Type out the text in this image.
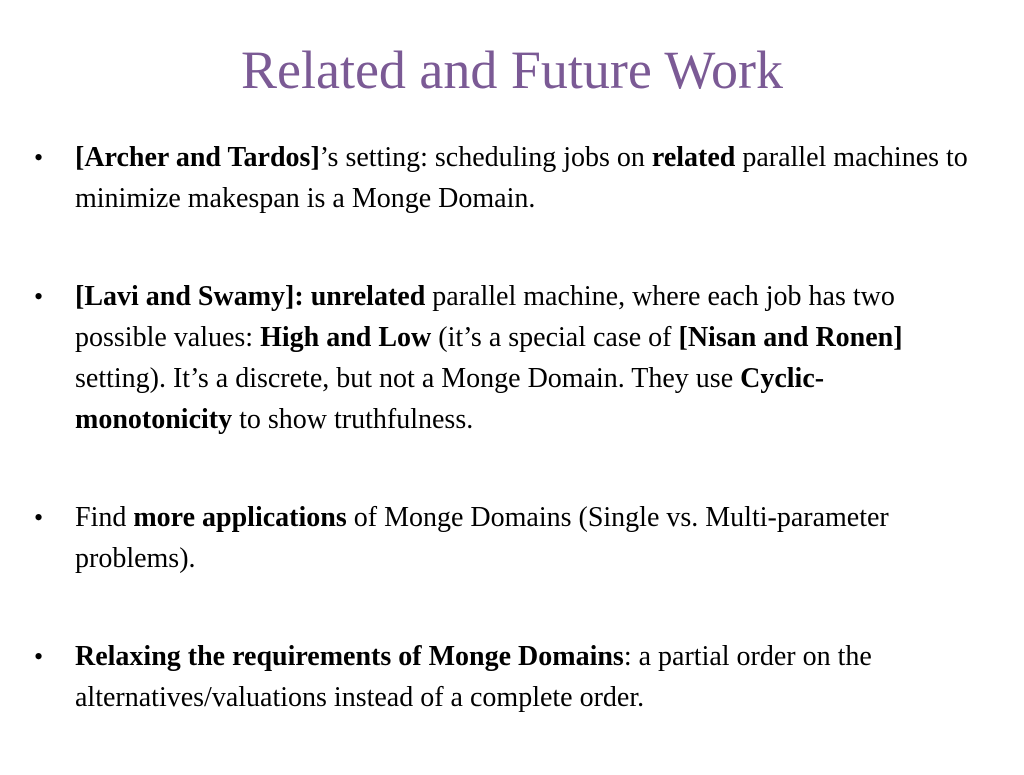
Related and Future Work
•	[Archer and Tardos]’s setting: scheduling jobs on related parallel machines to minimize makespan is a Monge Domain.
•	[Lavi and Swamy]: unrelated parallel machine, where each job has two possible values: High and Low (it’s a special case of [Nisan and Ronen] setting). It’s a discrete, but not a Monge Domain. They use Cyclic-monotonicity to show truthfulness.
•	Find more applications of Monge Domains (Single vs. Multi-parameter problems).
•	Relaxing the requirements of Monge Domains: a partial order on the alternatives/valuations instead of a complete order.
